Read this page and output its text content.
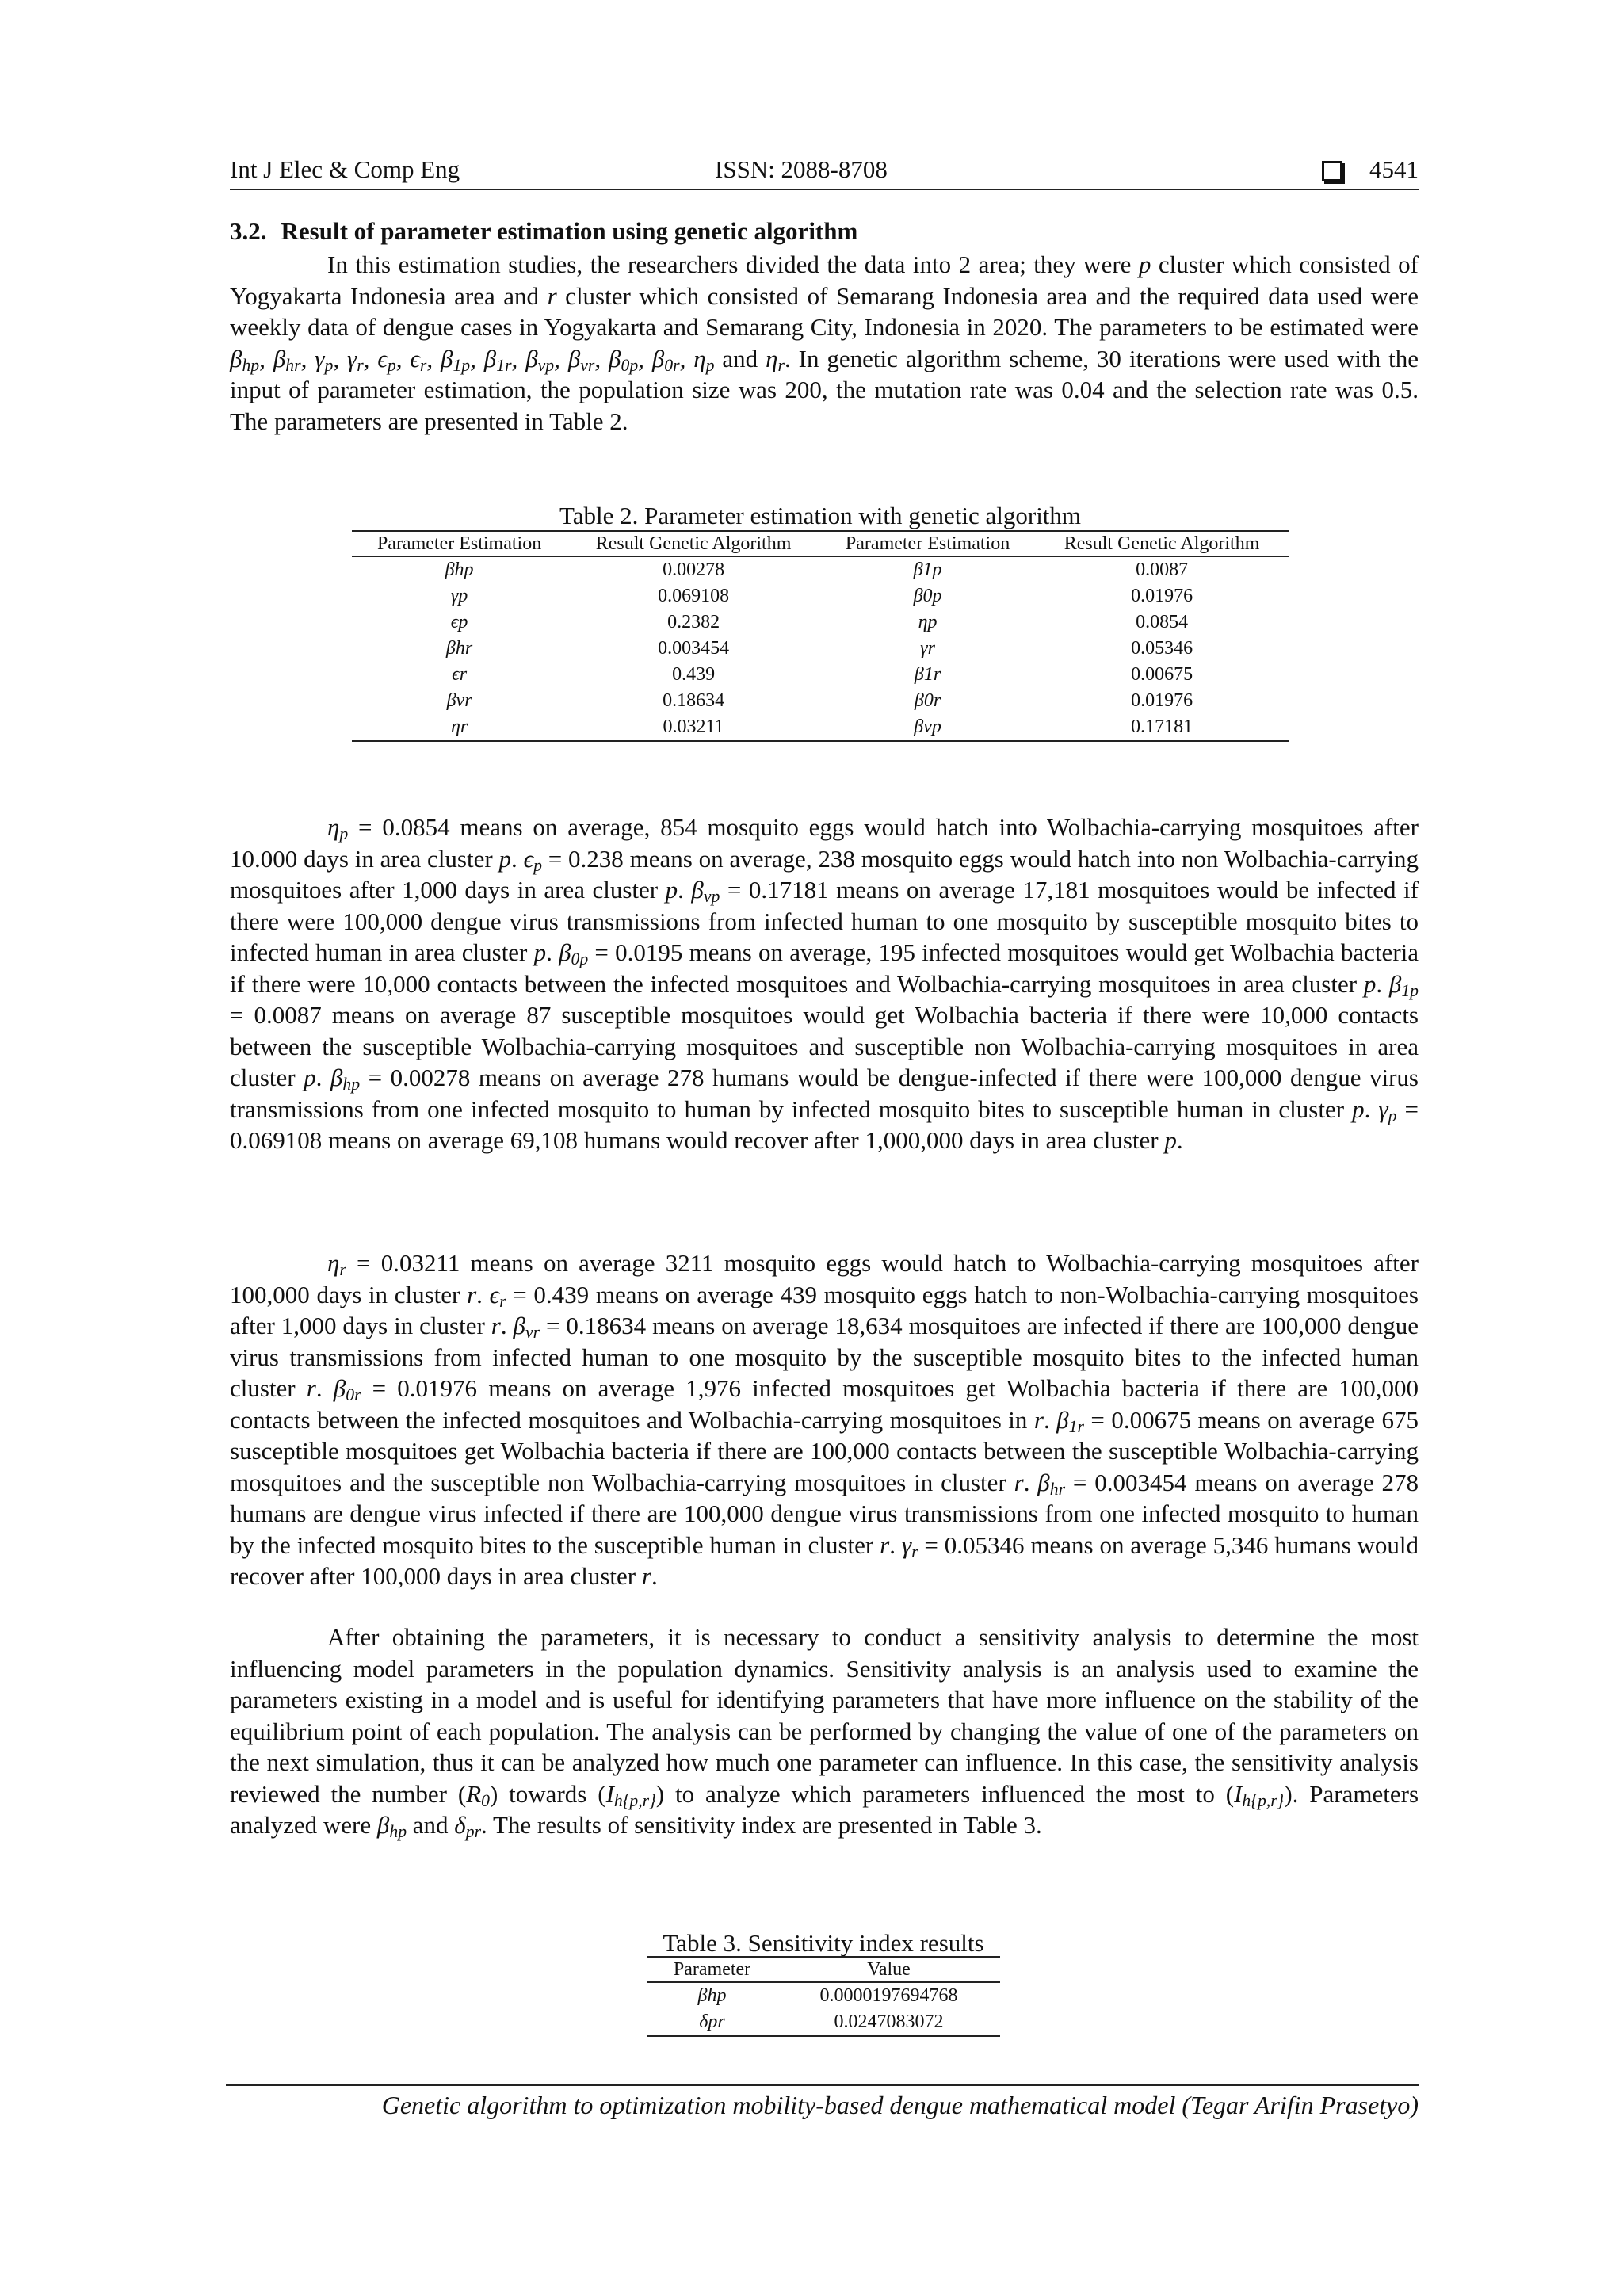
Int J Elec & Comp Eng	ISSN: 2088-8708	4541
3.2. Result of parameter estimation using genetic algorithm

In this estimation studies, the researchers divided the data into 2 area; they were p cluster which consisted of Yogyakarta Indonesia area and r cluster which consisted of Semarang Indonesia area and the required data used were weekly data of dengue cases in Yogyakarta and Semarang City, Indonesia in 2020. The parameters to be estimated were $\beta_{hp}$, $\beta_{hr}$, $\gamma_p$, $\gamma_r$, $\epsilon_p$, $\epsilon_r$, $\beta_{1p}$, $\beta_{1r}$, $\beta_{vp}$, $\beta_{vr}$, $\beta_{0p}$, $\beta_{0r}$, $\eta_p$ and $\eta_r$. In genetic algorithm scheme, 30 iterations were used with the input of parameter estimation, the population size was 200, the mutation rate was 0.04 and the selection rate was 0.5. The parameters are presented in Table 2.

Table 2. Parameter estimation with genetic algorithm
Parameter Estimation	Result Genetic Algorithm	Parameter Estimation	Result Genetic Algorithm
βhp	0.00278	β1p	0.0087
γp	0.069108	β0p	0.01976
ϵp	0.2382	ηp	0.0854
βhr	0.003454	γr	0.05346
ϵr	0.439	β1r	0.00675
βvr	0.18634	β0r	0.01976
ηr	0.03211	βvp	0.17181

$\eta_p = 0.0854$ means on average, 854 mosquito eggs would hatch into Wolbachia-carrying mosquitoes after 10.000 days in area cluster p. $\epsilon_p = 0.238$ means on average, 238 mosquito eggs would hatch into non Wolbachia-carrying mosquitoes after 1,000 days in area cluster p. $\beta_{vp} = 0.17181$ means on average 17,181 mosquitoes would be infected if there were 100,000 dengue virus transmissions from infected human to one mosquito by susceptible mosquito bites to infected human in area cluster p. $\beta_{0p} = 0.0195$ means on average, 195 infected mosquitoes would get Wolbachia bacteria if there were 10,000 contacts between the infected mosquitoes and Wolbachia-carrying mosquitoes in area cluster p. $\beta_{1p} = 0.0087$ means on average 87 susceptible mosquitoes would get Wolbachia bacteria if there were 10,000 contacts between the susceptible Wolbachia-carrying mosquitoes and susceptible non Wolbachia-carrying mosquitoes in area cluster p. $\beta_{hp} = 0.00278$ means on average 278 humans would be dengue-infected if there were 100,000 dengue virus transmissions from one infected mosquito to human by infected mosquito bites to susceptible human in cluster p. $\gamma_p = 0.069108$ means on average 69,108 humans would recover after 1,000,000 days in area cluster p.

$\eta_r = 0.03211$ means on average 3211 mosquito eggs would hatch to Wolbachia-carrying mosquitoes after 100,000 days in cluster r. $\epsilon_r = 0.439$ means on average 439 mosquito eggs hatch to non-Wolbachia-carrying mosquitoes after 1,000 days in cluster r. $\beta_{vr} = 0.18634$ means on average 18,634 mosquitoes are infected if there are 100,000 dengue virus transmissions from infected human to one mosquito by the susceptible mosquito bites to the infected human cluster r. $\beta_{0r} = 0.01976$ means on average 1,976 infected mosquitoes get Wolbachia bacteria if there are 100,000 contacts between the infected mosquitoes and Wolbachia-carrying mosquitoes in r. $\beta_{1r} = 0.00675$ means on average 675 susceptible mosquitoes get Wolbachia bacteria if there are 100,000 contacts between the susceptible Wolbachia-carrying mosquitoes and the susceptible non Wolbachia-carrying mosquitoes in cluster r. $\beta_{hr} = 0.003454$ means on average 278 humans are dengue virus infected if there are 100,000 dengue virus transmissions from one infected mosquito to human by the infected mosquito bites to the susceptible human in cluster r. $\gamma_r = 0.05346$ means on average 5,346 humans would recover after 100,000 days in area cluster r.

After obtaining the parameters, it is necessary to conduct a sensitivity analysis to determine the most influencing model parameters in the population dynamics. Sensitivity analysis is an analysis used to examine the parameters existing in a model and is useful for identifying parameters that have more influence on the stability of the equilibrium point of each population. The analysis can be performed by changing the value of one of the parameters on the next simulation, thus it can be analyzed how much one parameter can influence. In this case, the sensitivity analysis reviewed the number $(R_0)$ towards $(I_{h\{p,r\}})$ to analyze which parameters influenced the most to $(I_{h\{p,r\}})$. Parameters analyzed were $\beta_{hp}$ and $\delta_{pr}$. The results of sensitivity index are presented in Table 3.

Table 3. Sensitivity index results
Parameter	Value
βhp	0.0000197694768
δpr	0.0247083072
Genetic algorithm to optimization mobility-based dengue mathematical model (Tegar Arifin Prasetyo)
